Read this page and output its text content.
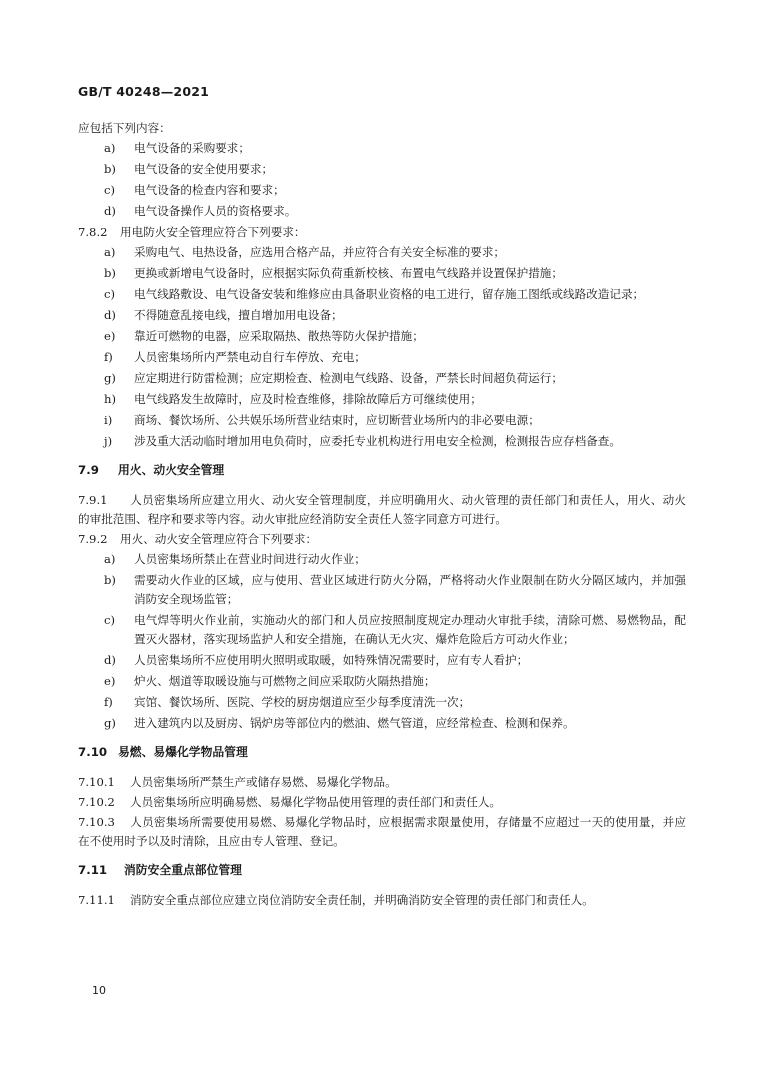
GB/T 40248—2021

应包括下列内容：

a)	电气设备的采购要求；
b)	电气设备的安全使用要求；
c)	电气设备的检查内容和要求；
d)	电气设备操作人员的资格要求。
7.8.2	用电防火安全管理应符合下列要求：
a)	采购电气、电热设备，应选用合格产品，并应符合有关安全标准的要求；
b)	更换或新增电气设备时，应根据实际负荷重新校核、布置电气线路并设置保护措施；
c)	电气线路敷设、电气设备安装和维修应由具备职业资格的电工进行，留存施工图纸或线路改造记录；
d)	不得随意乱接电线，擅自增加用电设备；
e)	靠近可燃物的电器，应采取隔热、散热等防火保护措施；
f)	人员密集场所内严禁电动自行车停放、充电；
g)	应定期进行防雷检测；应定期检查、检测电气线路、设备，严禁长时间超负荷运行；
h)	电气线路发生故障时，应及时检查维修，排除故障后方可继续使用；
i)	商场、餐饮场所、公共娱乐场所营业结束时，应切断营业场所内的非必要电源；
j)	涉及重大活动临时增加用电负荷时，应委托专业机构进行用电安全检测，检测报告应存档备查。
7.9	用火、动火安全管理

7.9.1 人员密集场所应建立用火、动火安全管理制度，并应明确用火、动火管理的责任部门和责任人，用火、动火的审批范围、程序和要求等内容。动火审批应经消防安全责任人签字同意方可进行。

7.9.2	用火、动火安全管理应符合下列要求：
a)	人员密集场所禁止在营业时间进行动火作业；
b)	需要动火作业的区域，应与使用、营业区域进行防火分隔，严格将动火作业限制在防火分隔区域内，并加强消防安全现场监管；
c)	电气焊等明火作业前，实施动火的部门和人员应按照制度规定办理动火审批手续，清除可燃、易燃物品，配置灭火器材，落实现场监护人和安全措施，在确认无火灾、爆炸危险后方可动火作业；
d)	人员密集场所不应使用明火照明或取暖，如特殊情况需要时，应有专人看护；
e)	炉火、烟道等取暖设施与可燃物之间应采取防火隔热措施；
f)	宾馆、餐饮场所、医院、学校的厨房烟道应至少每季度清洗一次；
g)	进入建筑内以及厨房、锅炉房等部位内的燃油、燃气管道，应经常检查、检测和保养。
7.10 易燃、易爆化学物品管理

7.10.1 人员密集场所严禁生产或储存易燃、易爆化学物品。

7.10.2 人员密集场所应明确易燃、易爆化学物品使用管理的责任部门和责任人。

7.10.3 人员密集场所需要使用易燃、易爆化学物品时，应根据需求限量使用，存储量不应超过一天的使用量，并应在不使用时予以及时清除，且应由专人管理、登记。

7.11	消防安全重点部位管理

7.11.1 消防安全重点部位应建立岗位消防安全责任制，并明确消防安全管理的责任部门和责任人。

10
